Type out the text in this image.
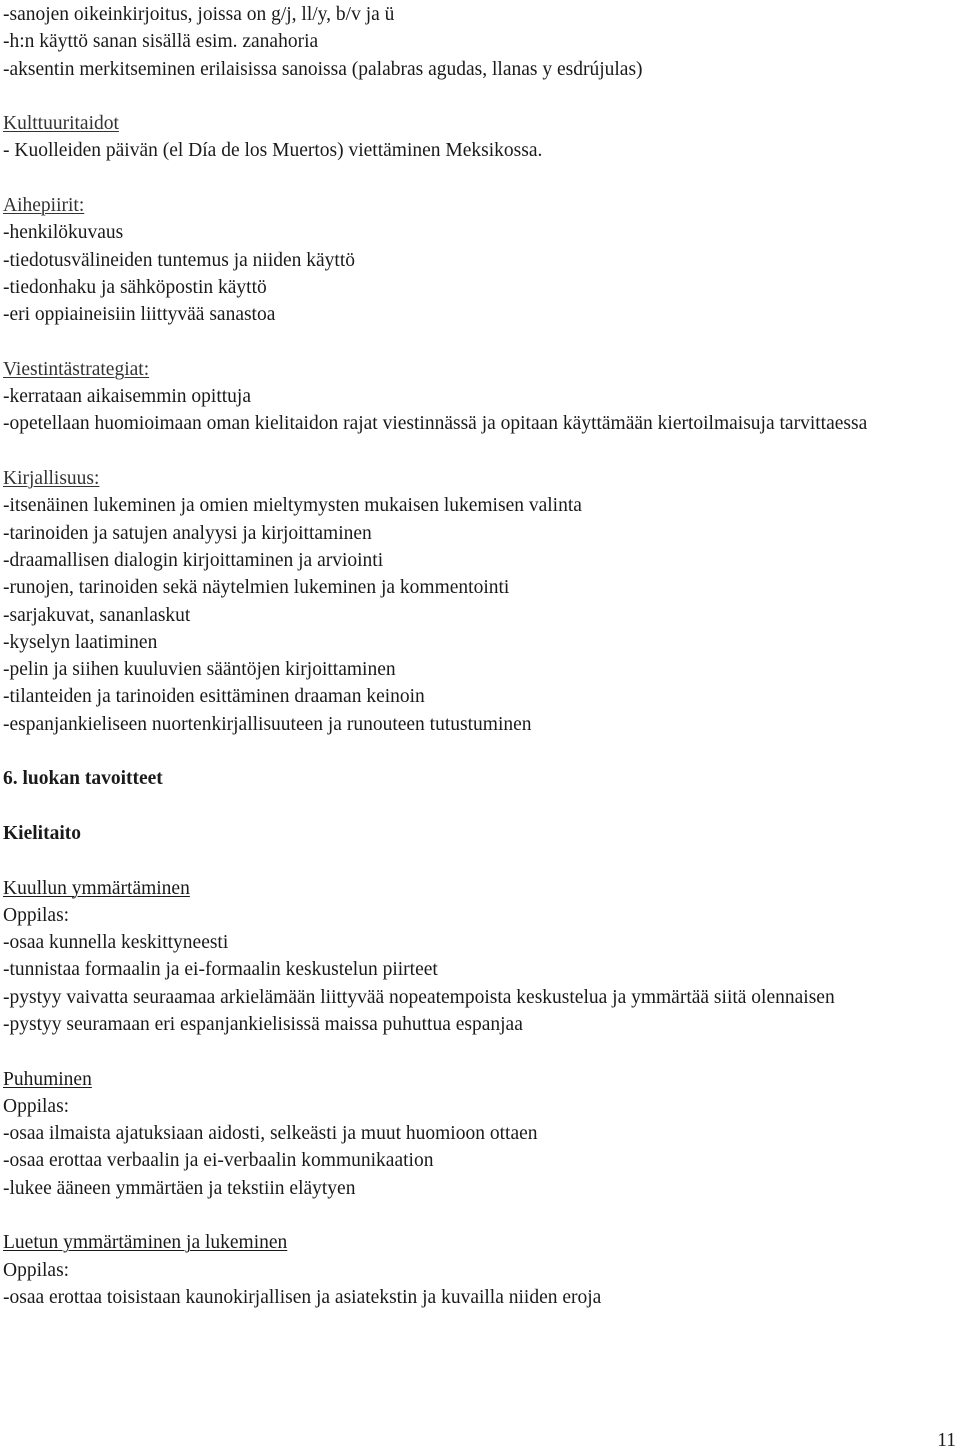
-sanojen oikeinkirjoitus, joissa on g/j, ll/y, b/v ja ü

-h:n käyttö sanan sisällä esim. zanahoria

-aksentin merkitseminen erilaisissa sanoissa (palabras agudas, llanas y esdrújulas)

Kulttuuritaidot

- Kuolleiden päivän (el Día de los Muertos) viettäminen Meksikossa.

Aihepiirit:

-henkilökuvaus

-tiedotusvälineiden tuntemus ja niiden käyttö

-tiedonhaku ja sähköpostin käyttö

-eri oppiaineisiin liittyvää sanastoa

Viestintästrategiat:

-kerrataan aikaisemmin opittuja

-opetellaan huomioimaan oman kielitaidon rajat viestinnässä ja opitaan käyttämään kiertoilmaisuja tarvittaessa

Kirjallisuus:

-itsenäinen lukeminen ja omien mieltymysten mukaisen lukemisen valinta

-tarinoiden ja satujen analyysi ja kirjoittaminen

-draamallisen dialogin kirjoittaminen ja arviointi

-runojen, tarinoiden sekä näytelmien lukeminen ja kommentointi

-sarjakuvat, sananlaskut

-kyselyn laatiminen

-pelin ja siihen kuuluvien sääntöjen kirjoittaminen

-tilanteiden ja tarinoiden esittäminen draaman keinoin

-espanjankieliseen nuortenkirjallisuuteen ja runouteen tutustuminen

6. luokan tavoitteet

Kielitaito

Kuullun ymmärtäminen

Oppilas:

-osaa kunnella keskittyneesti

-tunnistaa formaalin ja ei-formaalin keskustelun piirteet

-pystyy vaivatta seuraamaa arkielämään liittyvää nopeatempoista keskustelua ja ymmärtää siitä olennaisen

-pystyy seuramaan eri espanjankielisissä maissa puhuttua espanjaa

Puhuminen

Oppilas:

-osaa ilmaista ajatuksiaan aidosti, selkeästi ja muut huomioon ottaen

-osaa erottaa verbaalin ja ei-verbaalin kommunikaation

-lukee ääneen ymmärtäen ja tekstiin eläytyen

Luetun ymmärtäminen ja lukeminen

Oppilas:

-osaa erottaa toisistaan kaunokirjallisen ja asiatekstin ja kuvailla niiden eroja

11
